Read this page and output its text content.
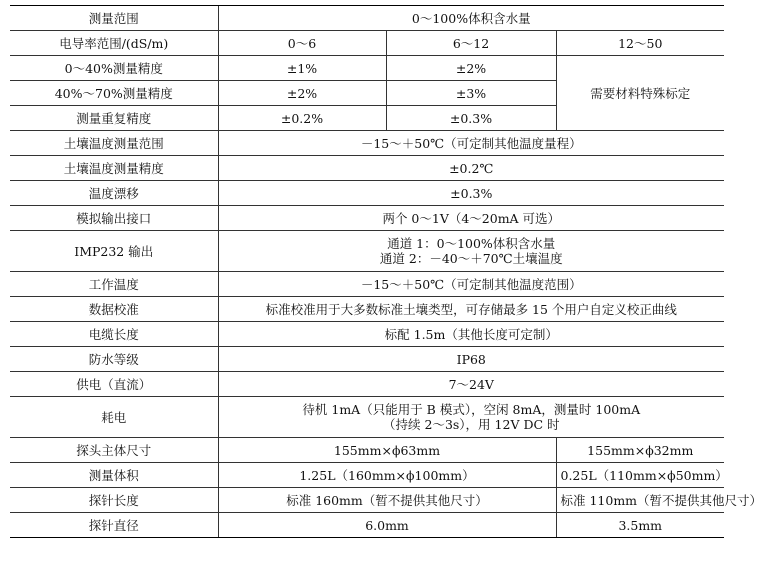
测量范围	0～100%体积含水量		
电导率范围/(dS/m)	0～6	6～12	12～50
0～40%测量精度	±1%	±2%	需要材料特殊标定
40%～70%测量精度	±2%	±3%	
测量重复精度	±0.2%	±0.3%	
土壤温度测量范围	－15～＋50℃（可定制其他温度量程）		
土壤温度测量精度	±0.2℃		
温度漂移	±0.3%		
模拟输出接口	两个 0～1V（4～20mA 可选）		
IMP232 输出	通道 1：0～100%体积含水量
通道 2：－40～＋70℃土壤温度		

工作温度	－15～＋50℃（可定制其他温度范围）		
数据校准	标准校准用于大多数标准土壤类型，可存储最多 15 个用户自定义校正曲线		
电缆长度	标配 1.5m（其他长度可定制）		
防水等级	IP68		
供电（直流）	7～24V		
耗电	待机 1mA（只能用于 B 模式），空闲 8mA，测量时 100mA
（持续 2～3s），用 12V DC 时		

探头主体尺寸	155mm×ϕ63mm		155mm×ϕ32mm
测量体积	1.25L（160mm×ϕ100mm）		0.25L（110mm×ϕ50mm）
探针长度	标准 160mm（暂不提供其他尺寸）		标准 110mm（暂不提供其他尺寸）
探针直径	6.0mm		3.5mm
